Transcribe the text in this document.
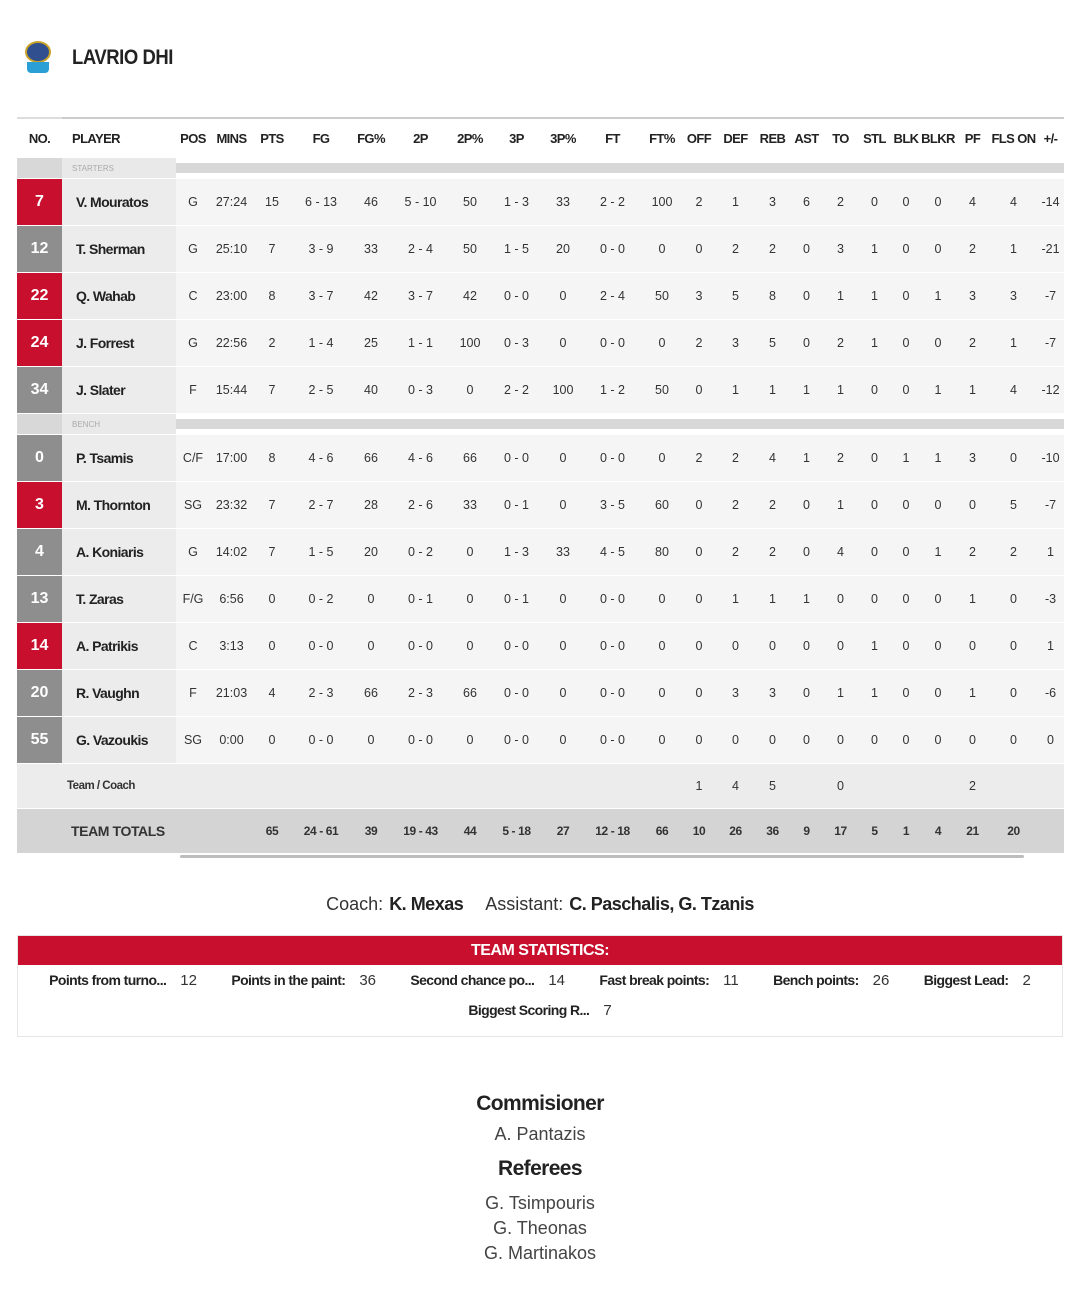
LAVRIO DHI
NO.	PLAYER	POS	MINS	PTS	FG	FG%	2P	2P%	3P	3P%	FT	FT%	OFF	DEF	REB	AST	TO	STL	BLK	BLKR	PF	FLS ON	+/-
	STARTERS																						

7	V. Mouratos	G	27:24	15	6 - 13	46	5 - 10	50	1 - 3	33	2 - 2	100	2	1	3	6	2	0	0	0	4	4	-14
12	T. Sherman	G	25:10	7	3 - 9	33	2 - 4	50	1 - 5	20	0 - 0	0	0	2	2	0	3	1	0	0	2	1	-21
22	Q. Wahab	C	23:00	8	3 - 7	42	3 - 7	42	0 - 0	0	2 - 4	50	3	5	8	0	1	1	0	1	3	3	-7
24	J. Forrest	G	22:56	2	1 - 4	25	1 - 1	100	0 - 3	0	0 - 0	0	2	3	5	0	2	1	0	0	2	1	-7
34	J. Slater	F	15:44	7	2 - 5	40	0 - 3	0	2 - 2	100	1 - 2	50	0	1	1	1	1	0	0	1	1	4	-12
	BENCH																						

0	P. Tsamis	C/F	17:00	8	4 - 6	66	4 - 6	66	0 - 0	0	0 - 0	0	2	2	4	1	2	0	1	1	3	0	-10
3	M. Thornton	SG	23:32	7	2 - 7	28	2 - 6	33	0 - 1	0	3 - 5	60	0	2	2	0	1	0	0	0	0	5	-7
4	A. Koniaris	G	14:02	7	1 - 5	20	0 - 2	0	1 - 3	33	4 - 5	80	0	2	2	0	4	0	0	1	2	2	1
13	T. Zaras	F/G	6:56	0	0 - 2	0	0 - 1	0	0 - 1	0	0 - 0	0	0	1	1	1	0	0	0	0	1	0	-3
14	A. Patrikis	C	3:13	0	0 - 0	0	0 - 0	0	0 - 0	0	0 - 0	0	0	0	0	0	0	1	0	0	0	0	1
20	R. Vaughn	F	21:03	4	2 - 3	66	2 - 3	66	0 - 0	0	0 - 0	0	0	3	3	0	1	1	0	0	1	0	-6
55	G. Vazoukis	SG	0:00	0	0 - 0	0	0 - 0	0	0 - 0	0	0 - 0	0	0	0	0	0	0	0	0	0	0	0	0
Team / Coach													1	4	5		0				2		
TEAM TOTALS				65	24 - 61	39	19 - 43	44	5 - 18	27	12 - 18	66	10	26	36	9	17	5	1	4	21	20	
Coach: K. Mexas Assistant: C. Paschalis, G. Tzanis
TEAM STATISTICS:
Points from turno... 12 Points in the paint: 36 Second chance po... 14 Fast break points: 11 Bench points: 26 Biggest Lead: 2
Biggest Scoring R... 7
Commisioner
A. Pantazis
Referees
G. Tsimpouris
G. Theonas
G. Martinakos
